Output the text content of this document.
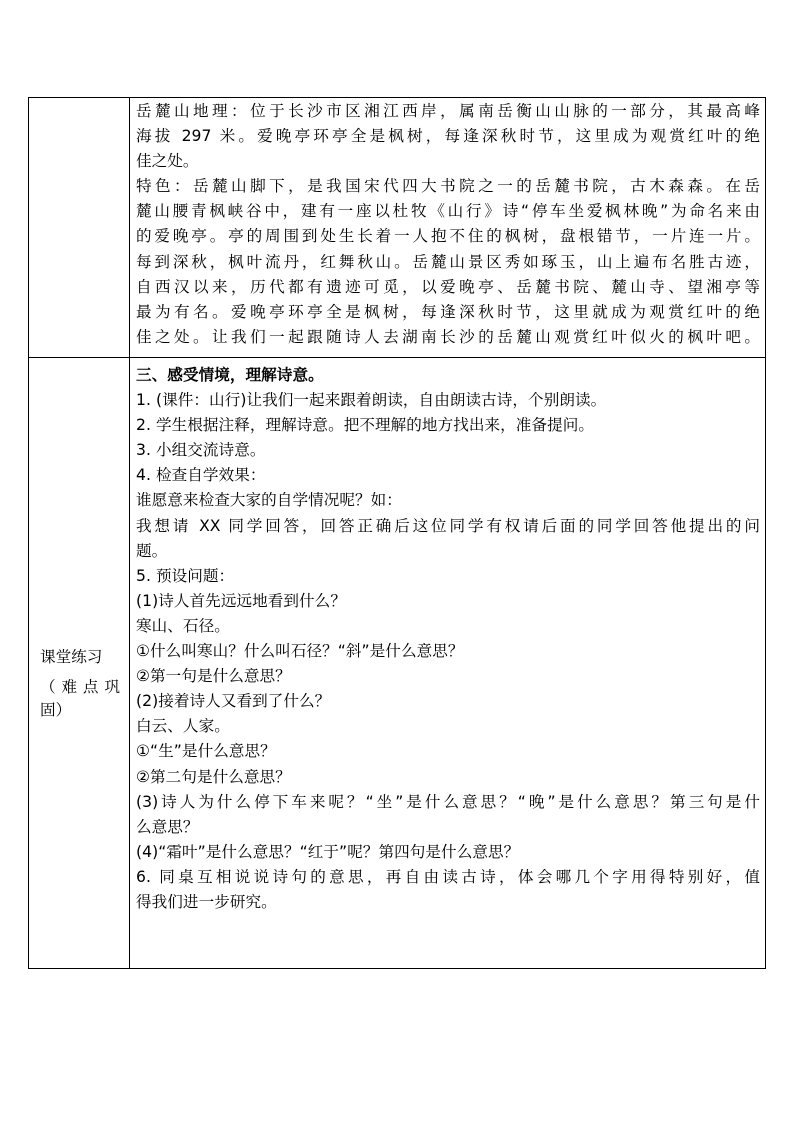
岳麓山地理：位于长沙市区湘江西岸，属南岳衡山山脉的一部分，其最高峰
海拔 297 米。爱晚亭环亭全是枫树，每逢深秋时节，这里成为观赏红叶的绝
佳之处。
特色：岳麓山脚下，是我国宋代四大书院之一的岳麓书院，古木森森。在岳
麓山腰青枫峡谷中，建有一座以杜牧《山行》诗“停车坐爱枫林晚”为命名来由
的爱晚亭。亭的周围到处生长着一人抱不住的枫树，盘根错节，一片连一片。
每到深秋，枫叶流丹，红舞秋山。岳麓山景区秀如琢玉，山上遍布名胜古迹，
自西汉以来，历代都有遗迹可觅，以爱晚亭、岳麓书院、麓山寺、望湘亭等
最为有名。爱晚亭环亭全是枫树，每逢深秋时节，这里就成为观赏红叶的绝
佳之处。让我们一起跟随诗人去湖南长沙的岳麓山观赏红叶似火的枫叶吧。
课堂练习
（难点巩
固）
三、感受情境，理解诗意。
1. (课件：山行)让我们一起来跟着朗读，自由朗读古诗，个别朗读。
2. 学生根据注释，理解诗意。把不理解的地方找出来，准备提问。
3. 小组交流诗意。
4. 检查自学效果：
谁愿意来检查大家的自学情况呢？如：
我想请 XX 同学回答，回答正确后这位同学有权请后面的同学回答他提出的问
题。
5. 预设问题：
(1)诗人首先远远地看到什么？
寒山、石径。
①什么叫寒山？什么叫石径？“斜”是什么意思？
②第一句是什么意思？
(2)接着诗人又看到了什么？
白云、人家。
①“生”是什么意思？
②第二句是什么意思？
(3)诗人为什么停下车来呢？“坐”是什么意思？“晚”是什么意思？第三句是什
么意思？
(4)“霜叶”是什么意思？“红于”呢？第四句是什么意思？
6. 同桌互相说说诗句的意思，再自由读古诗，体会哪几个字用得特别好，值
得我们进一步研究。
